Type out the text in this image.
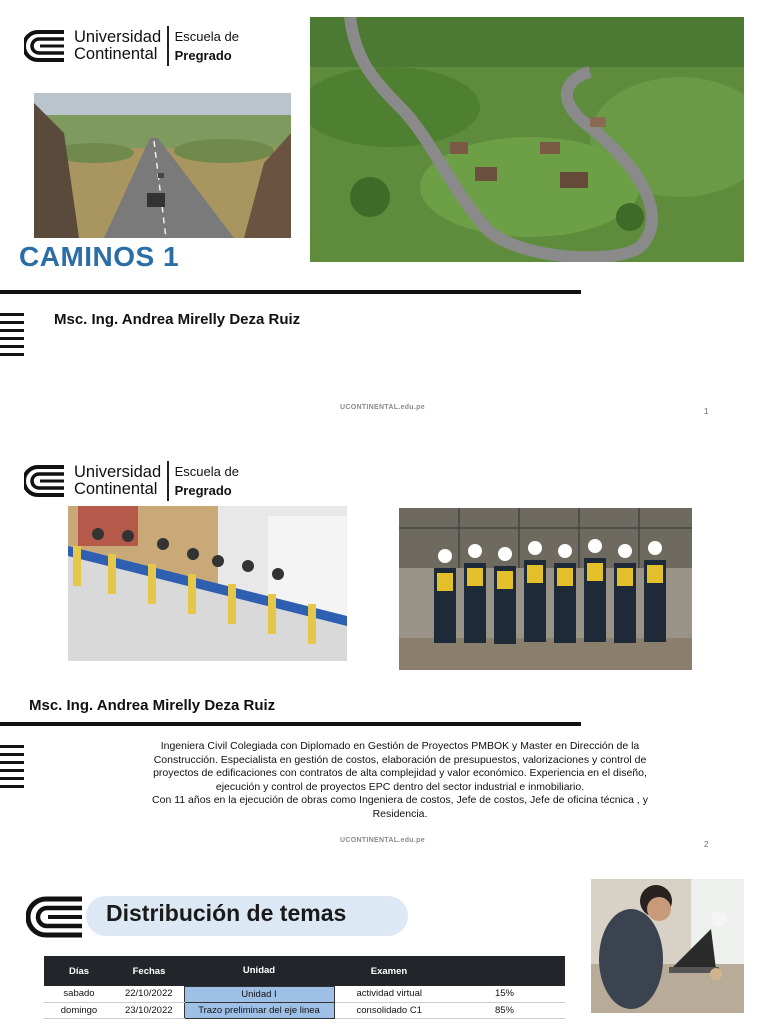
Universidad
Continental
Escuela de
Pregrado
CAMINOS 1
Msc. Ing. Andrea Mirelly Deza Ruiz
UCONTINENTAL.edu.pe	1
Universidad
Continental
Escuela de
Pregrado
Msc. Ing. Andrea Mirelly Deza Ruiz

Ingeniera Civil Colegiada con Diplomado en Gestión de Proyectos PMBOK y Master en Dirección de la

Construcción. Especialista en gestión de costos, elaboración de presupuestos, valorizaciones y control de

proyectos de edificaciones con contratos de alta complejidad y valor económico. Experiencia en el diseño,

ejecución y control de proyectos EPC dentro del sector industrial e inmobiliario.

Con 11 años en la ejecución de obras como Ingeniera de costos, Jefe de costos, Jefe de oficina técnica , y

Residencia.

UCONTINENTAL.edu.pe	2
Distribución de temas
Días	Fechas	Unidad	Examen	
sabado	22/10/2022	Unidad I	actividad virtual	15%
domingo	23/10/2022	Trazo preliminar del eje linea	consolidado C1	85%
